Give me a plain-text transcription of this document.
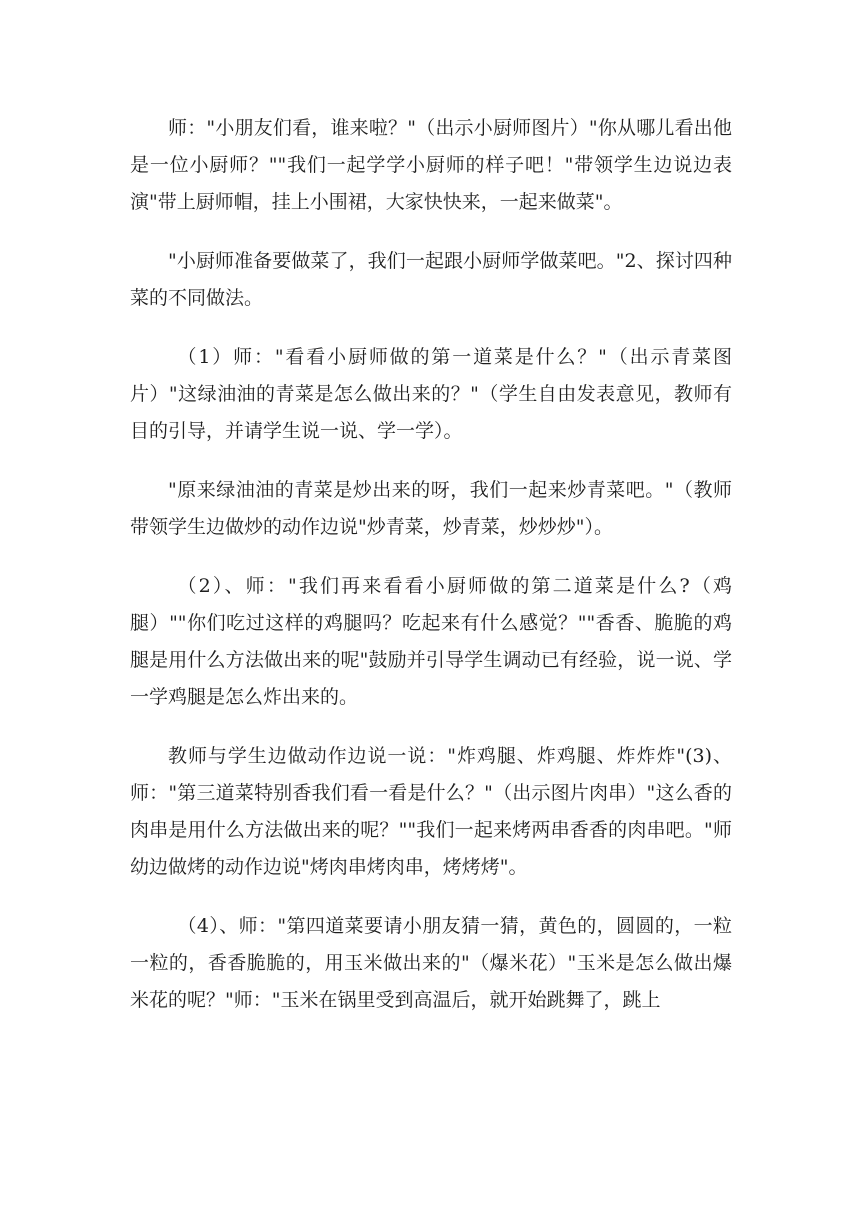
师："小朋友们看，谁来啦？"（出示小厨师图片）"你从哪儿看出他是一位小厨师？""我们一起学学小厨师的样子吧！"带领学生边说边表演"带上厨师帽，挂上小围裙，大家快快来，一起来做菜"。

"小厨师准备要做菜了，我们一起跟小厨师学做菜吧。"2、探讨四种菜的不同做法。

（1）师："看看小厨师做的第一道菜是什么？"（出示青菜图片）"这绿油油的青菜是怎么做出来的？"（学生自由发表意见，教师有目的引导，并请学生说一说、学一学）。

"原来绿油油的青菜是炒出来的呀，我们一起来炒青菜吧。"（教师带领学生边做炒的动作边说"炒青菜，炒青菜，炒炒炒"）。

（2）、师："我们再来看看小厨师做的第二道菜是什么?（鸡腿）""你们吃过这样的鸡腿吗？吃起来有什么感觉？""香香、脆脆的鸡腿是用什么方法做出来的呢"鼓励并引导学生调动已有经验，说一说、学一学鸡腿是怎么炸出来的。

教师与学生边做动作边说一说："炸鸡腿、炸鸡腿、炸炸炸"(3)、师："第三道菜特别香我们看一看是什么？"（出示图片肉串）"这么香的肉串是用什么方法做出来的呢？""我们一起来烤两串香香的肉串吧。"师幼边做烤的动作边说"烤肉串烤肉串，烤烤烤"。

（4）、师："第四道菜要请小朋友猜一猜，黄色的，圆圆的，一粒一粒的，香香脆脆的，用玉米做出来的"（爆米花）"玉米是怎么做出爆米花的呢？"师："玉米在锅里受到高温后，就开始跳舞了，跳上
